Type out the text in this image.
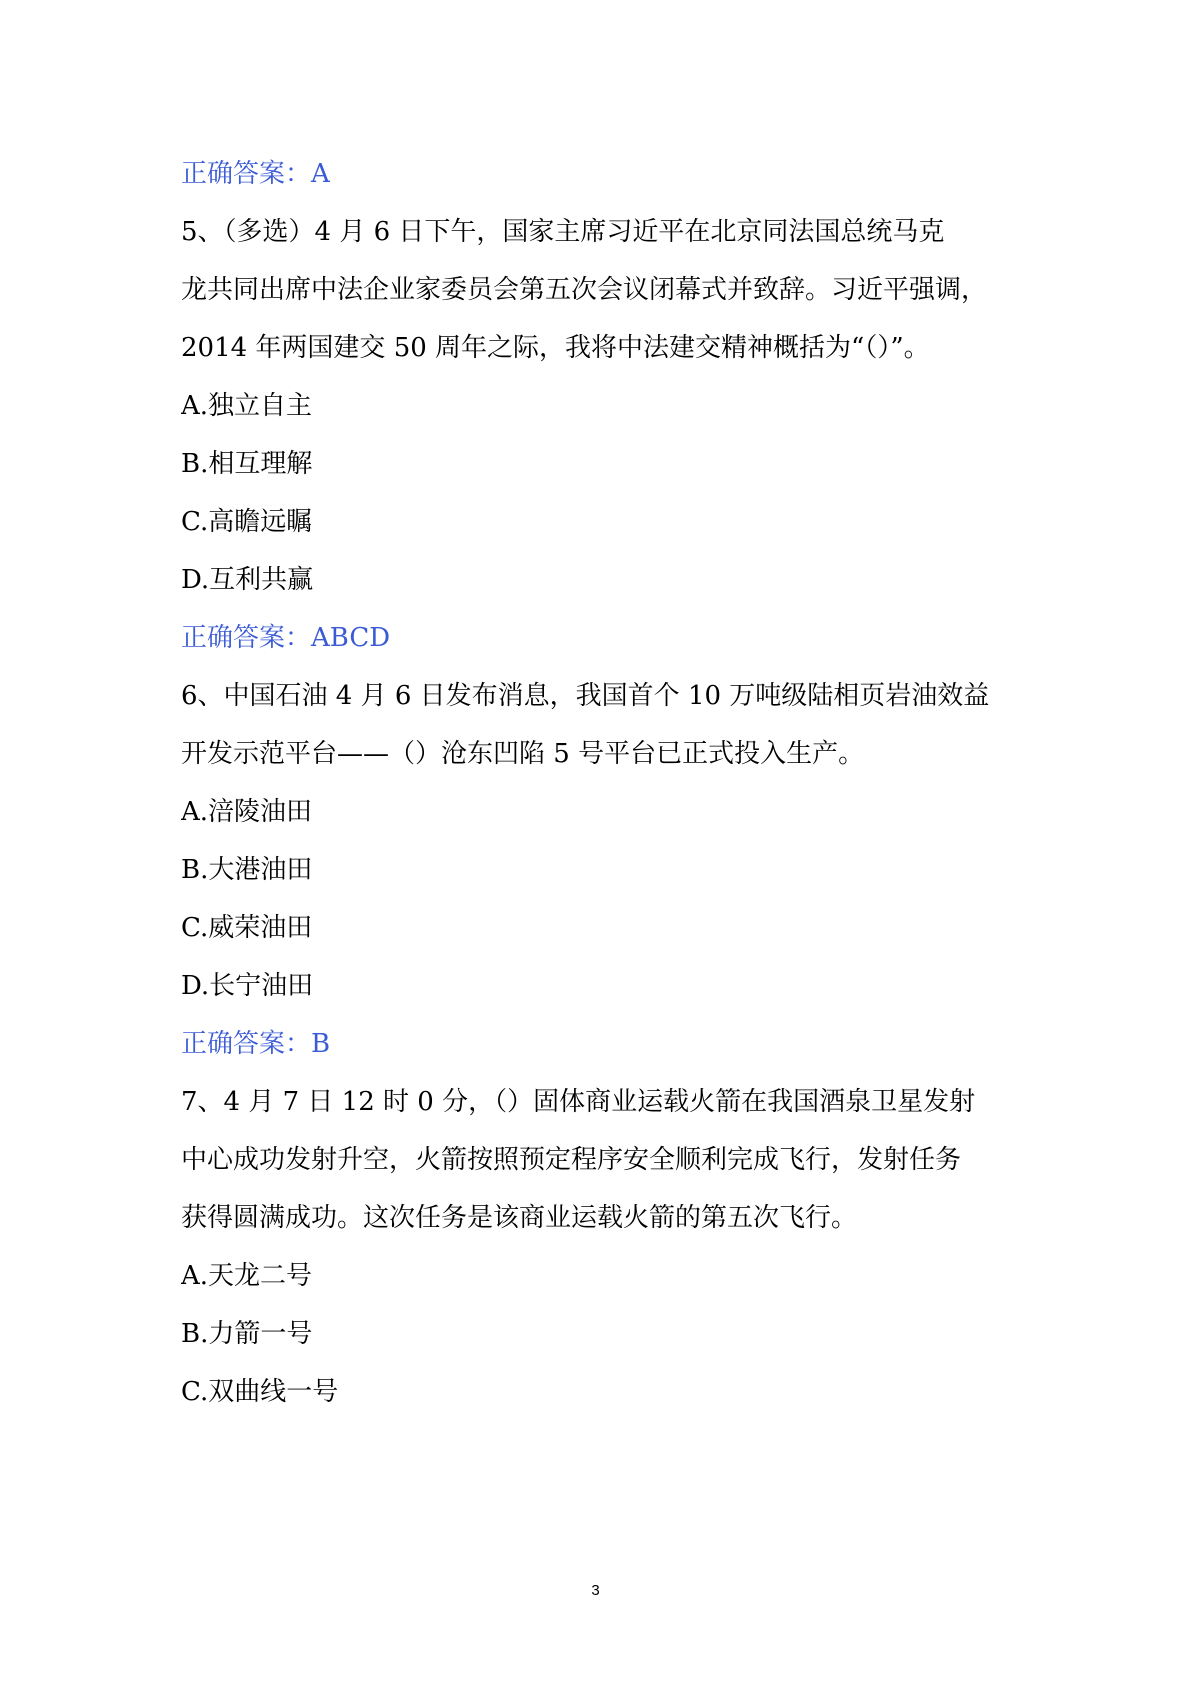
正确答案：A
5、（多选）4 月 6 日下午，国家主席习近平在北京同法国总统马克
龙共同出席中法企业家委员会第五次会议闭幕式并致辞。习近平强调，
2014 年两国建交 50 周年之际，我将中法建交精神概括为“（）”。
A.独立自主
B.相互理解
C.高瞻远瞩
D.互利共赢
正确答案：ABCD
6、中国石油 4 月 6 日发布消息，我国首个 10 万吨级陆相页岩油效益
开发示范平台——（）沧东凹陷 5 号平台已正式投入生产。
A.涪陵油田
B.大港油田
C.威荣油田
D.长宁油田
正确答案：B
7、4 月 7 日 12 时 0 分，（）固体商业运载火箭在我国酒泉卫星发射
中心成功发射升空，火箭按照预定程序安全顺利完成飞行，发射任务
获得圆满成功。这次任务是该商业运载火箭的第五次飞行。
A.天龙二号
B.力箭一号
C.双曲线一号
3
